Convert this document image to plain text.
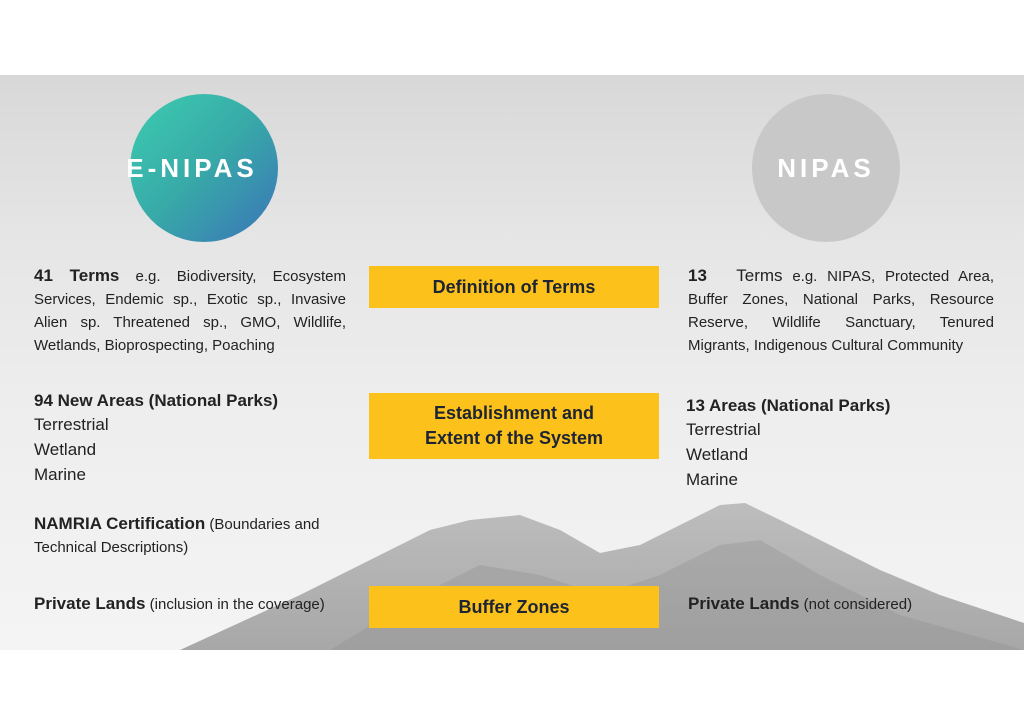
E-NIPAS	NIPAS
Definition of Terms
Establishment and
Extent of the System
Buffer Zones
41 Terms e.g. Biodiversity, Ecosystem Services, Endemic sp., Exotic sp., Invasive Alien sp. Threatened sp., GMO, Wildlife, Wetlands, Bioprospecting, Poaching
94 New Areas (National Parks)
Terrestrial
Wetland
Marine
NAMRIA Certification (Boundaries and Technical Descriptions)
Private Lands (inclusion in the coverage)
13 Terms e.g. NIPAS, Protected Area, Buffer Zones, National Parks, Resource Reserve, Wildlife Sanctuary, Tenured Migrants, Indigenous Cultural Community
13 Areas (National Parks)
Terrestrial
Wetland
Marine
Private Lands (not considered)
